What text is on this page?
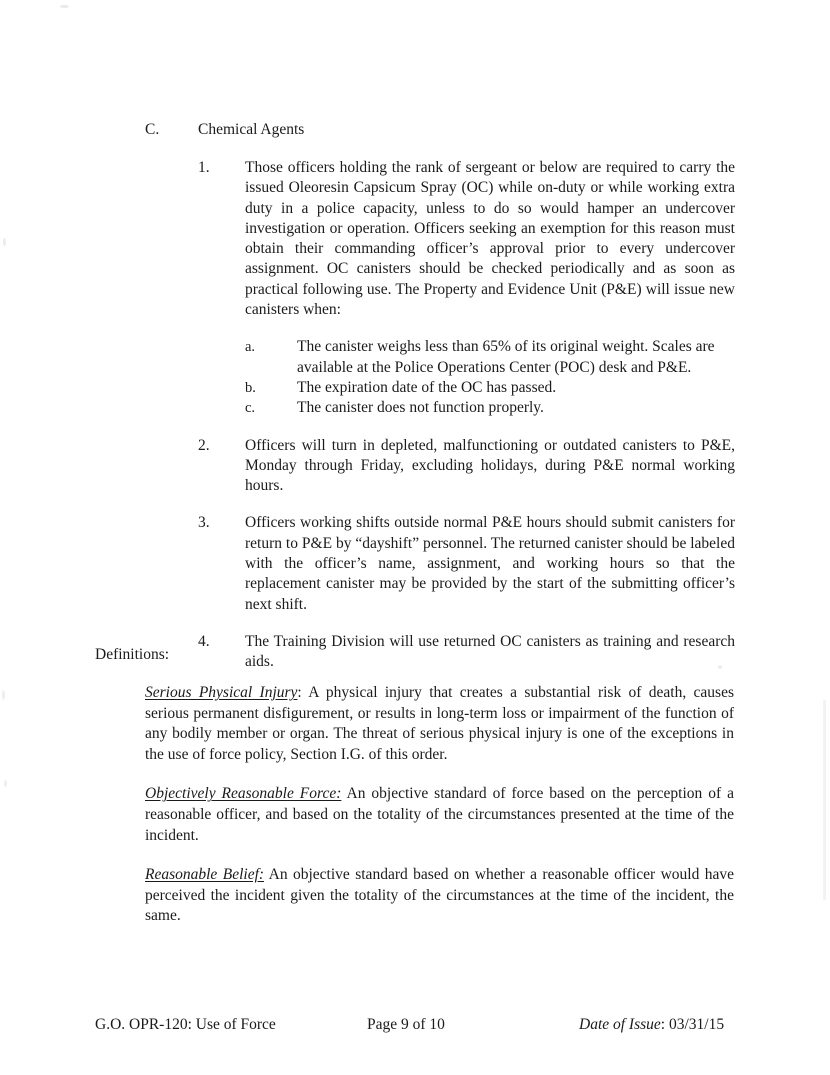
C.	Chemical Agents
1.	Those officers holding the rank of sergeant or below are required to carry the issued Oleoresin Capsicum Spray (OC) while on-duty or while working extra duty in a police capacity, unless to do so would hamper an undercover investigation or operation. Officers seeking an exemption for this reason must obtain their commanding officer’s approval prior to every undercover assignment. OC canisters should be checked periodically and as soon as practical following use. The Property and Evidence Unit (P&E) will issue new canisters when:

a.	The canister weighs less than 65% of its original weight. Scales are available at the Police Operations Center (POC) desk and P&E.
b.	The expiration date of the OC has passed.
c.	The canister does not function properly.
2.	Officers will turn in depleted, malfunctioning or outdated canisters to P&E, Monday through Friday, excluding holidays, during P&E normal working hours.

3.	Officers working shifts outside normal P&E hours should submit canisters for return to P&E by “dayshift” personnel. The returned canister should be labeled with the officer’s name, assignment, and working hours so that the replacement canister may be provided by the start of the submitting officer’s next shift.

4.	The Training Division will use returned OC canisters as training and research aids.

Definitions:

Serious Physical Injury: A physical injury that creates a substantial risk of death, causes serious permanent disfigurement, or results in long-term loss or impairment of the function of any bodily member or organ. The threat of serious physical injury is one of the exceptions in the use of force policy, Section I.G. of this order.

Objectively Reasonable Force: An objective standard of force based on the perception of a reasonable officer, and based on the totality of the circumstances presented at the time of the incident.

Reasonable Belief: An objective standard based on whether a reasonable officer would have perceived the incident given the totality of the circumstances at the time of the incident, the same.

G.O. OPR-120: Use of Force	Page 9 of 10	Date of Issue: 03/31/15
